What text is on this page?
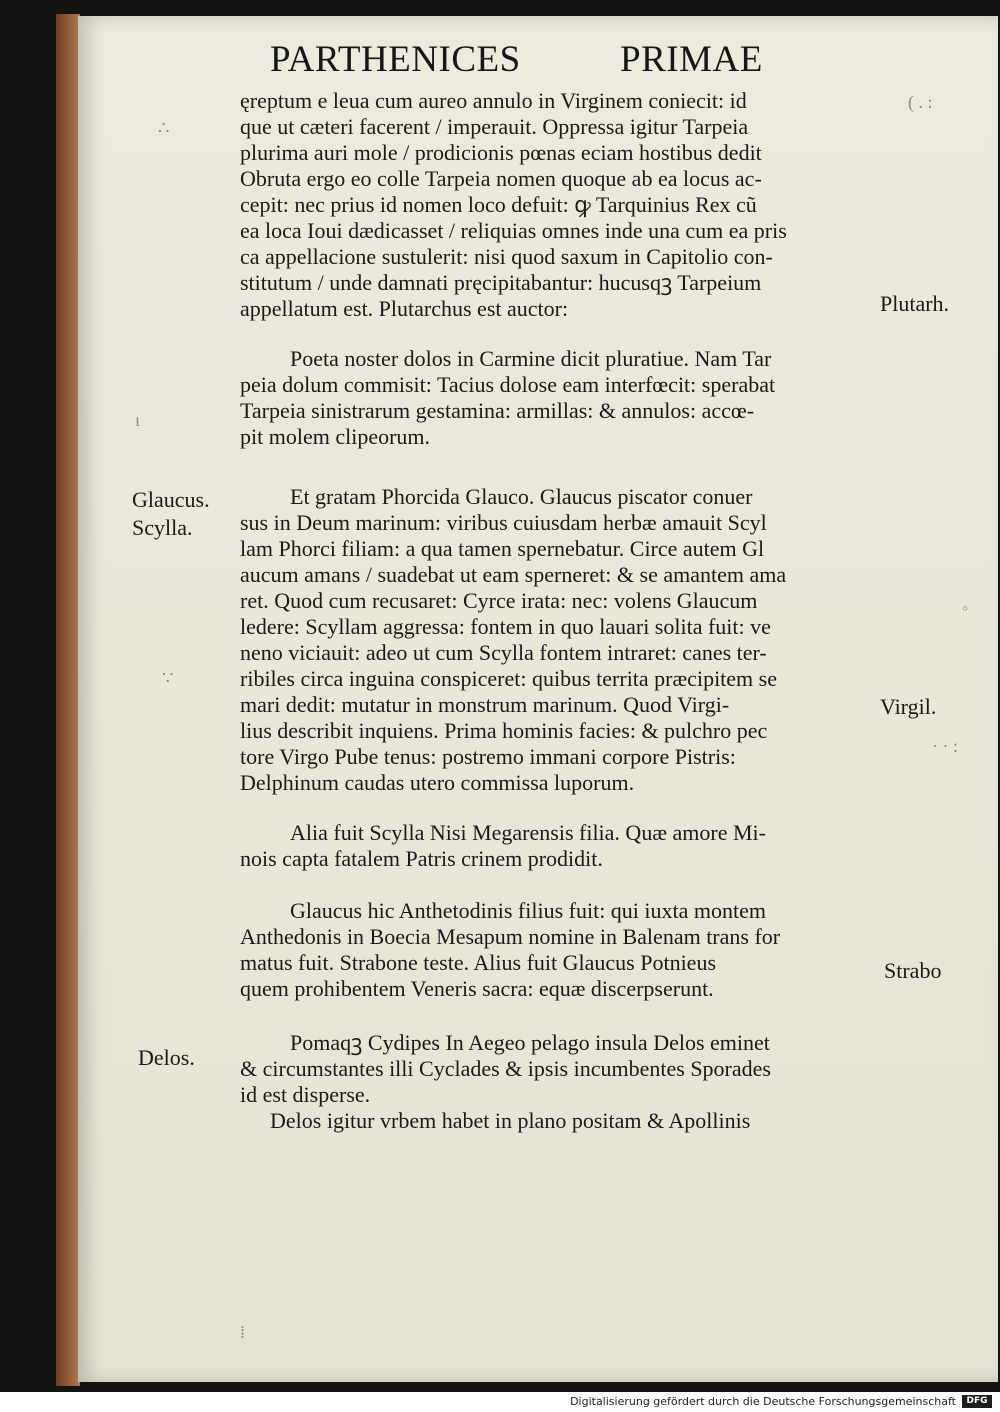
PARTHENICES	PRIMAE
Plutarh.
Glaucus.
Scylla.
Virgil.
Strabo
Delos.
ęreptum e leua cum aureo annulo in Virginem coniecit: id
que ut cæteri facerent / imperauit. Oppressa igitur Tarpeia
plurima auri mole / prodicionis pœnas eciam hostibus dedit
Obruta ergo eo colle Tarpeia nomen quoque ab ea locus ac-
cepit: nec prius id nomen loco defuit: ꝙ Tarquinius Rex cũ
ea loca Ioui dædicasset / reliquias omnes inde una cum ea pris
ca appellacione sustulerit: nisi quod saxum in Capitolio con-
stitutum / unde damnati pręcipitabantur: hucusqꝫ Tarpeium
appellatum est. Plutarchus est auctor:
Poeta noster dolos in Carmine dicit pluratiue. Nam Tar
peia dolum commisit: Tacius dolose eam interfœcit: sperabat
Tarpeia sinistrarum gestamina: armillas: & annulos: accœ-
pit molem clipeorum.
Et gratam Phorcida Glauco. Glaucus piscator conuer
sus in Deum marinum: viribus cuiusdam herbæ amauit Scyl
lam Phorci filiam: a qua tamen spernebatur. Circe autem Gl
aucum amans / suadebat ut eam sperneret: & se amantem ama
ret. Quod cum recusaret: Cyrce irata: nec: volens Glaucum
ledere: Scyllam aggressa: fontem in quo lauari solita fuit: ve
neno viciauit: adeo ut cum Scylla fontem intraret: canes ter-
ribiles circa inguina conspiceret: quibus territa præcipitem se
mari dedit: mutatur in monstrum marinum. Quod Virgi-
lius describit inquiens. Prima hominis facies: & pulchro pec
tore Virgo Pube tenus: postremo immani corpore Pistris:
Delphinum caudas utero commissa luporum.
Alia fuit Scylla Nisi Megarensis filia. Quæ amore Mi-
nois capta fatalem Patris crinem prodidit.
Glaucus hic Anthetodinis filius fuit: qui iuxta montem
Anthedonis in Boecia Mesapum nomine in Balenam trans for
matus fuit. Strabone teste. Alius fuit Glaucus Potnieus
quem prohibentem Veneris sacra: equæ discerpserunt.
Pomaqꝫ Cydipes In Aegeo pelago insula Delos eminet
& circumstantes illi Cyclades & ipsis incumbentes Sporades
id est disperse.
Delos igitur vrbem habet in plano positam & Apollinis
∴
ı
∵
( . :
◦
· · :
⁞
Digitalisierung gefördert durch die Deutsche Forschungsgemeinschaft	DFG
